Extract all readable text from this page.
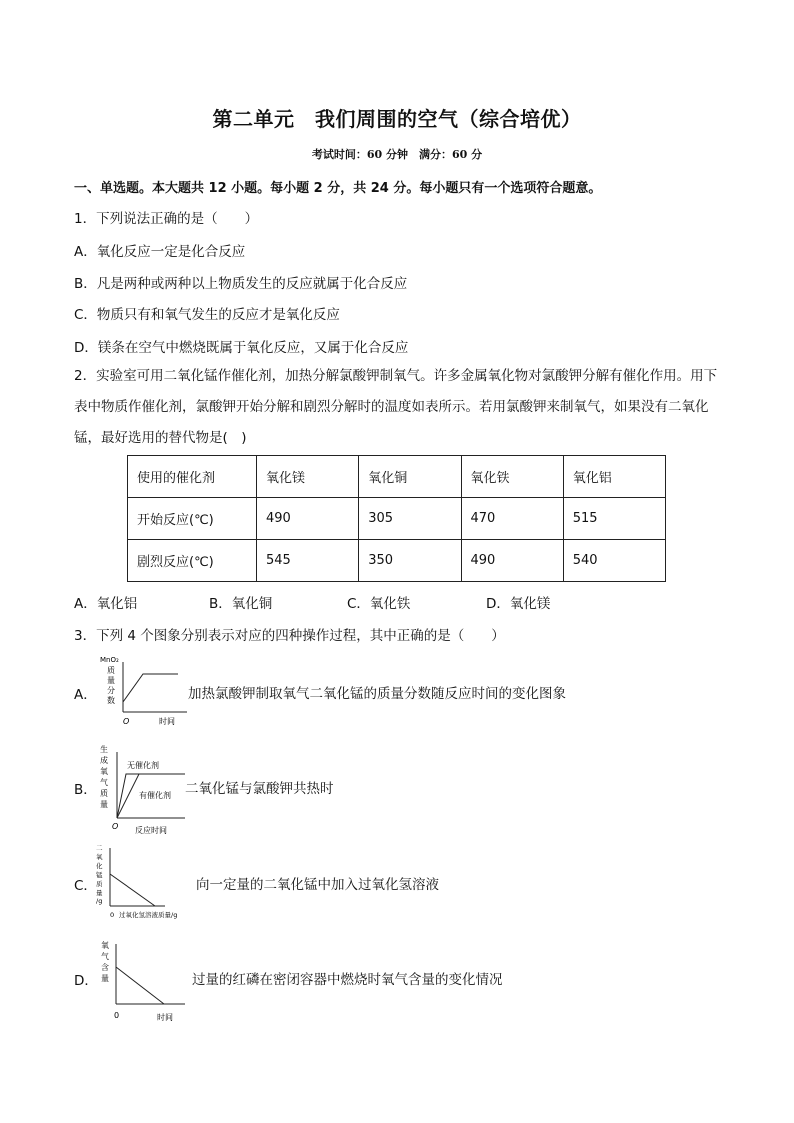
第二单元　我们周围的空气（综合培优）
考试时间：60 分钟　满分：60 分
一、单选题。本大题共 12 小题。每小题 2 分，共 24 分。每小题只有一个选项符合题意。
1．下列说法正确的是（　　）
A．氧化反应一定是化合反应
B．凡是两种或两种以上物质发生的反应就属于化合反应
C．物质只有和氧气发生的反应才是氧化反应
D．镁条在空气中燃烧既属于氧化反应，又属于化合反应
2．实验室可用二氧化锰作催化剂，加热分解氯酸钾制氧气。许多金属氧化物对氯酸钾分解有催化作用。用下表中物质作催化剂，氯酸钾开始分解和剧烈分解时的温度如表所示。若用氯酸钾来制氧气，如果没有二氧化锰，最好选用的替代物是(　)
使用的催化剂	氧化镁	氧化铜	氧化铁	氧化铝
开始反应(℃)	490	305	470	515
剧烈反应(℃)	545	350	490	540
A．氧化铝	B．氧化铜	C．氧化铁	D．氧化镁
3．下列 4 个图象分别表示对应的四种操作过程，其中正确的是（　　）
A．
MnO₂
质
量
分
数
O	时间
加热氯酸钾制取氧气二氧化锰的质量分数随反应时间的变化图象
B．
生
成
氧
气
质
量
无催化剂
有催化剂
O 反应时间
二氧化锰与氯酸钾共热时
C．
二
氧
化
锰
质
量
/g
0 过氧化氢溶液质量/g
向一定量的二氧化锰中加入过氧化氢溶液
D．
氧
气
含
量
0	时间
过量的红磷在密闭容器中燃烧时氧气含量的变化情况
